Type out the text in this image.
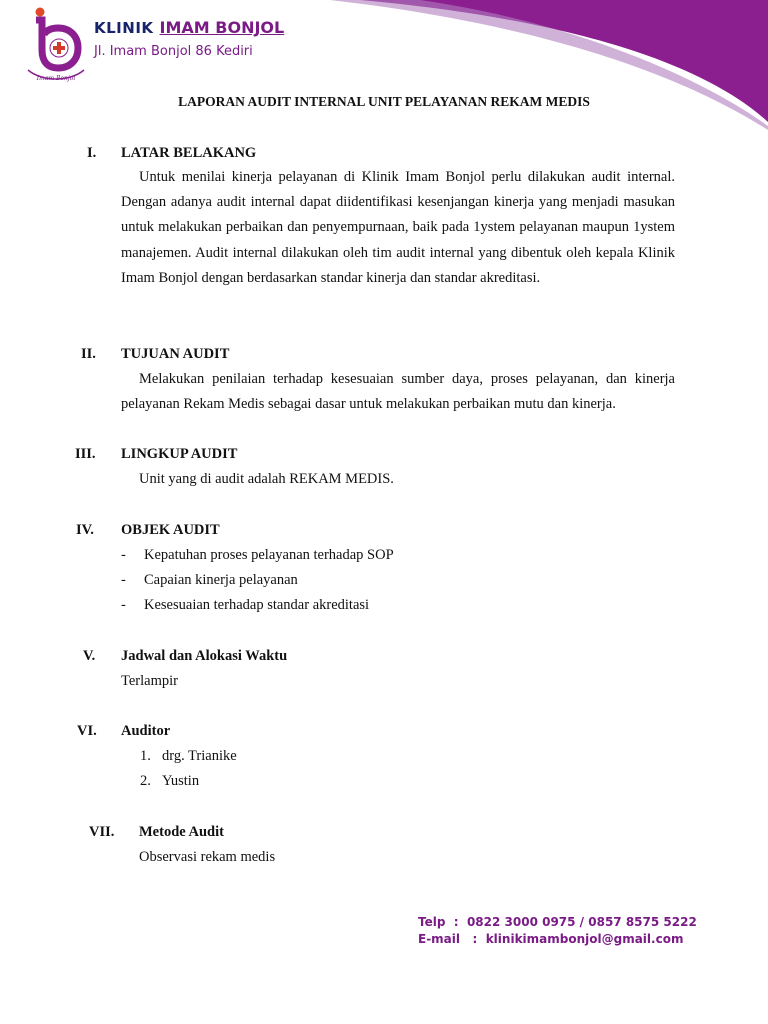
Imam Bonjol
KLINIK IMAM BONJOL
Jl. Imam Bonjol 86 Kediri
LAPORAN AUDIT INTERNAL UNIT PELAYANAN REKAM MEDIS
I. LATAR BELAKANG
Untuk menilai kinerja pelayanan di Klinik Imam Bonjol perlu dilakukan audit internal. Dengan adanya audit internal dapat diidentifikasi kesenjangan kinerja yang menjadi masukan untuk melakukan perbaikan dan penyempurnaan, baik pada 1ystem pelayanan maupun 1ystem manajemen. Audit internal dilakukan oleh tim audit internal yang dibentuk oleh kepala Klinik Imam Bonjol dengan berdasarkan standar kinerja dan standar akreditasi.
II. TUJUAN AUDIT
Melakukan penilaian terhadap kesesuaian sumber daya, proses pelayanan, dan kinerja pelayanan Rekam Medis sebagai dasar untuk melakukan perbaikan mutu dan kinerja.
III. LINGKUP AUDIT
Unit yang di audit adalah REKAM MEDIS.
IV. OBJEK AUDIT
- Kepatuhan proses pelayanan terhadap SOP
- Capaian kinerja pelayanan
- Kesesuaian terhadap standar akreditasi
V. Jadwal dan Alokasi Waktu
Terlampir
VI. Auditor
1. drg. Trianike
2. Yustin
VII. Metode Audit
Observasi rekam medis
Telp  : 0822 3000 0975 / 0857 8575 5222
E-mail   : klinikimambonjol@gmail.com
